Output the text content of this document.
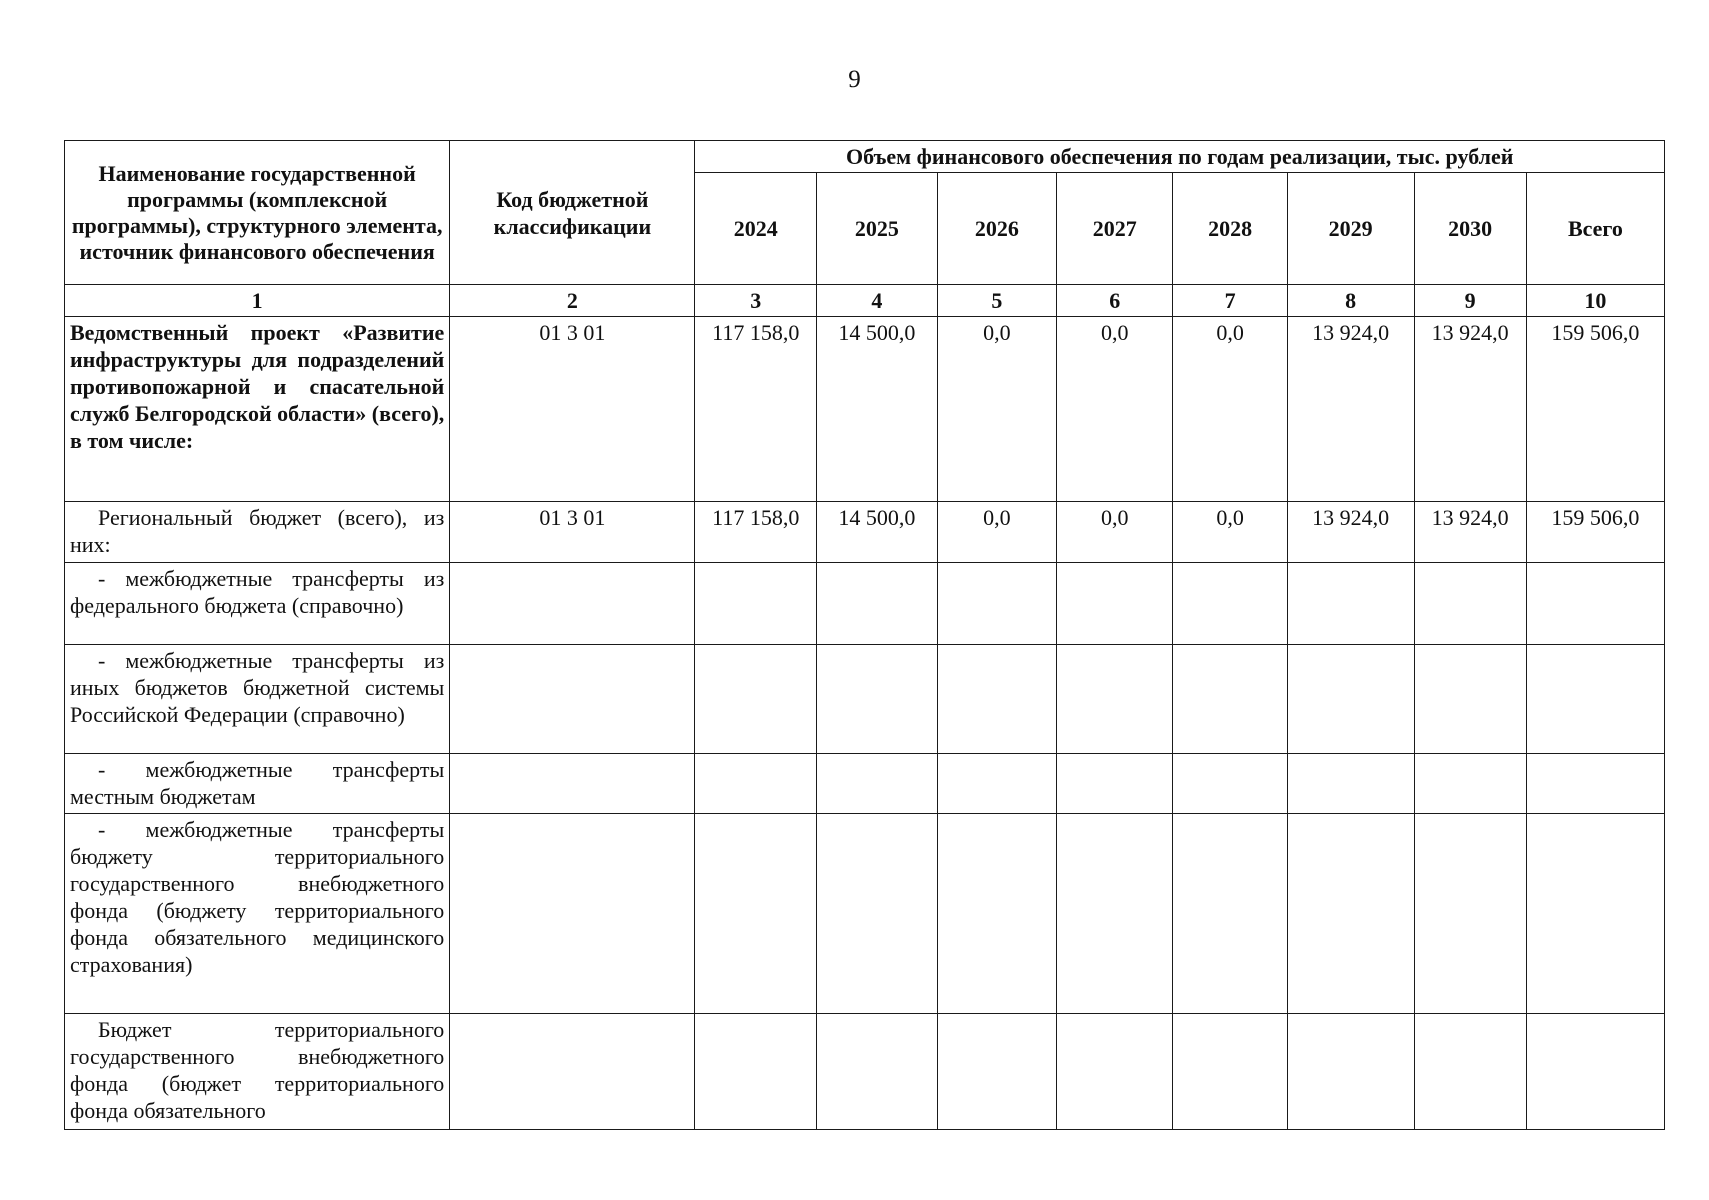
9
Наименование государственной программы (комплексной программы), структурного элемента, источник финансового обеспечения	Код бюджетной классификации	Объем финансового обеспечения по годам реализации, тыс. рублей							
		2024	2025	2026	2027	2028	2029	2030	Всего
1	2	3	4	5	6	7	8	9	10
Ведомственный проект «Развитие инфраструктуры для подразделений противопожарной и спасательной служб Белгородской области» (всего), в том числе:	01 3 01	117 158,0	14 500,0	0,0	0,0	0,0	13 924,0	13 924,0	159 506,0
Региональный бюджет (всего), из них:	01 3 01	117 158,0	14 500,0	0,0	0,0	0,0	13 924,0	13 924,0	159 506,0
- межбюджетные трансферты из федерального бюджета (справочно)									
- межбюджетные трансферты из иных бюджетов бюджетной системы Российской Федерации (справочно)									
- межбюджетные трансферты местным бюджетам									
- межбюджетные трансферты бюджету территориального государственного внебюджетного фонда (бюджету территориального фонда обязательного медицинского страхования)									
Бюджет территориального государственного внебюджетного фонда (бюджет территориального фонда обязательного									
